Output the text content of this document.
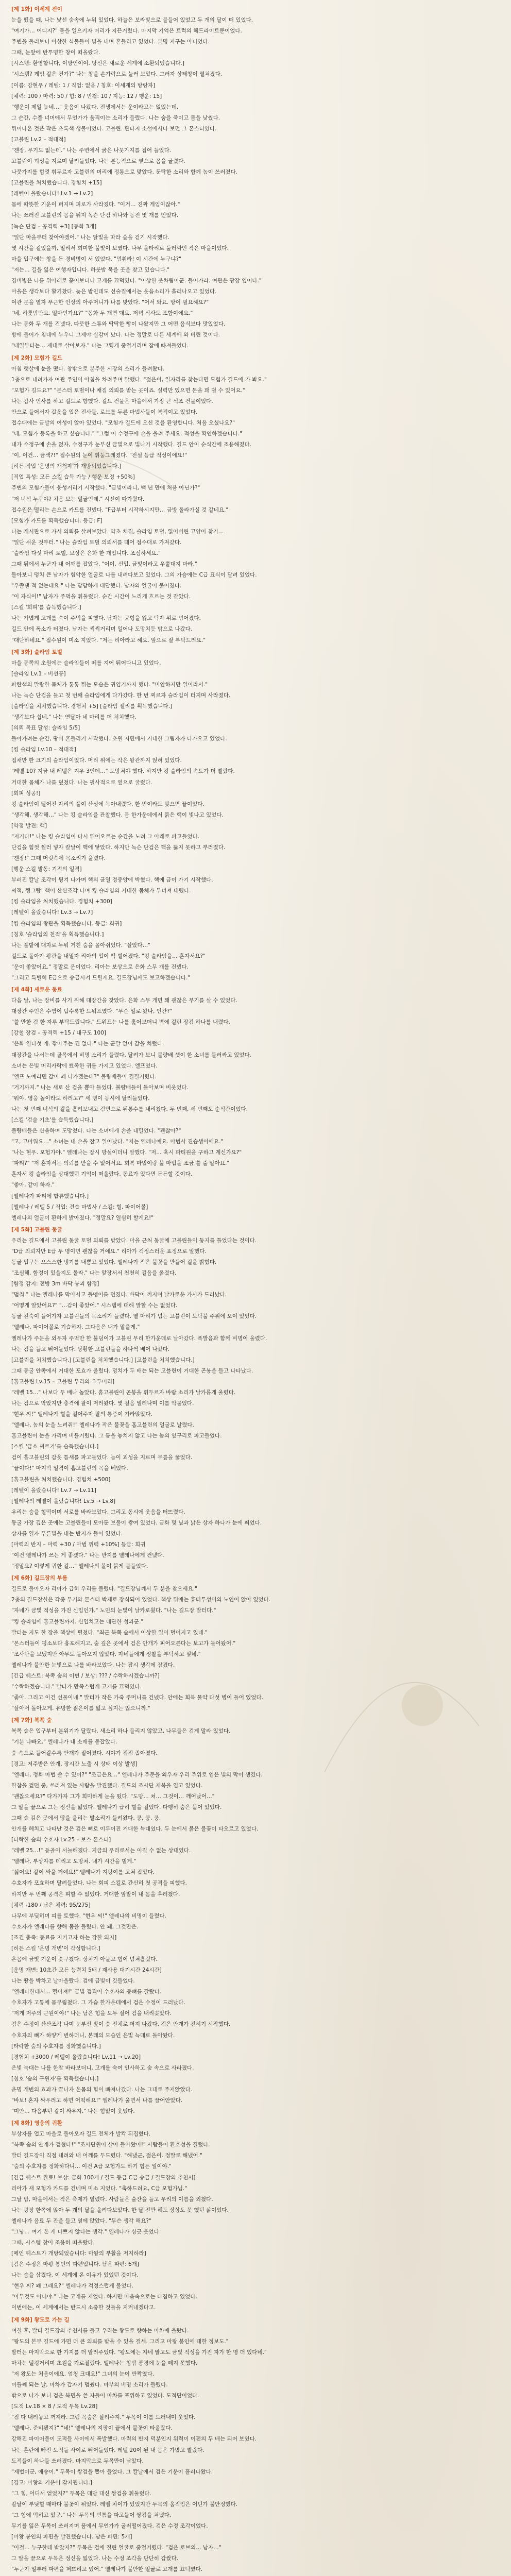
[제 1화] 이세계 전이
눈을 떴을 때, 나는 낯선 숲속에 누워 있었다. 하늘은 보라빛으로 물들어 있었고 두 개의 달이 떠 있었다.
"여기가… 어디지?" 몸을 일으키자 머리가 지끈거렸다. 마지막 기억은 트럭의 헤드라이트뿐이었다.
주변을 둘러보니 이상한 식물들이 빛을 내며 흔들리고 있었다. 분명 지구는 아니었다.
그때, 눈앞에 반투명한 창이 떠올랐다.
[시스템: 환영합니다, 이방인이여. 당신은 새로운 세계에 소환되었습니다.]
"시스템? 게임 같은 건가?" 나는 창을 손가락으로 눌러 보았다. 그러자 상태창이 펼쳐졌다.
[이름: 강현우 / 레벨: 1 / 직업: 없음 / 칭호: 이세계의 방랑자]
[체력: 100 / 마력: 50 / 힘: 8 / 민첩: 10 / 지능: 12 / 행운: 15]
"행운이 제일 높네…" 웃음이 나왔다. 전생에서는 운이라고는 없었는데.
그 순간, 수풀 너머에서 무언가가 움직이는 소리가 들렸다. 나는 숨을 죽이고 몸을 낮췄다.
튀어나온 것은 작은 초록색 생물이었다. 고블린. 판타지 소설에서나 보던 그 몬스터였다.
[고블린 Lv.2 – 적대적]
"젠장, 무기도 없는데." 나는 주변에서 굵은 나뭇가지를 집어 들었다.
고블린이 괴성을 지르며 달려들었다. 나는 본능적으로 옆으로 몸을 굴렸다.
나뭇가지를 힘껏 휘두르자 고블린의 머리에 정통으로 맞았다. 둔탁한 소리와 함께 놈이 쓰러졌다.
[고블린을 처치했습니다. 경험치 +15]
[레벨이 올랐습니다! Lv.1 → Lv.2]
몸에 따뜻한 기운이 퍼지며 피로가 사라졌다. "이거… 진짜 게임이잖아."
나는 쓰러진 고블린의 몸을 뒤져 녹슨 단검 하나와 동전 몇 개를 얻었다.
[녹슨 단검 – 공격력 +3] [동화 3개]
"일단 마을부터 찾아야겠어." 나는 달빛을 따라 숲을 걷기 시작했다.
몇 시간을 걸었을까, 멀리서 희미한 불빛이 보였다. 나무 울타리로 둘러싸인 작은 마을이었다.
마을 입구에는 창을 든 경비병이 서 있었다. "멈춰라! 이 시간에 누구냐?"
"저는… 길을 잃은 여행자입니다. 하룻밤 묵을 곳을 찾고 있습니다."
경비병은 나를 위아래로 훑어보더니 고개를 끄덕였다. "이상한 옷차림이군. 들어가라. 여관은 광장 옆이다."
마을은 생각보다 활기찼다. 늦은 밤인데도 선술집에서는 웃음소리가 흘러나오고 있었다.
여관 문을 열자 푸근한 인상의 아주머니가 나를 맞았다. "어서 와요. 방이 필요해요?"
"네, 하룻밤만요. 얼마인가요?" "동화 두 개면 돼요. 저녁 식사도 포함이에요."
나는 동화 두 개를 건넸다. 따뜻한 스튜와 딱딱한 빵이 나왔지만 그 어떤 음식보다 맛있었다.
방에 들어가 침대에 누우니 그제야 실감이 났다. 나는 정말로 다른 세계에 와 버린 것이다.
"내일부터는… 제대로 살아보자." 나는 그렇게 중얼거리며 잠에 빠져들었다.
[제 2화] 모험가 길드
아침 햇살에 눈을 떴다. 창밖으로 분주한 시장의 소리가 들려왔다.
1층으로 내려가자 여관 주인이 아침을 차려주며 말했다. "젊은이, 일자리를 찾는다면 모험가 길드에 가 봐요."
"모험가 길드요?" "몬스터 토벌이나 채집 의뢰를 받는 곳이죠. 실력만 있으면 돈을 꽤 벌 수 있어요."
나는 감사 인사를 하고 길드로 향했다. 길드 건물은 마을에서 가장 큰 석조 건물이었다.
안으로 들어서자 갑옷을 입은 전사들, 로브를 두른 마법사들이 북적이고 있었다.
접수대에는 금발의 여성이 앉아 있었다. "모험가 길드에 오신 것을 환영합니다. 처음 오셨나요?"
"네, 모험가 등록을 하고 싶습니다." "그럼 이 수정구에 손을 올려 주세요. 적성을 확인하겠습니다."
내가 수정구에 손을 얹자, 수정구가 눈부신 금빛으로 빛나기 시작했다. 길드 안이 순식간에 조용해졌다.
"이, 이건… 금색?!" 접수원의 눈이 휘둥그레졌다. "전설 등급 적성이에요!"
[히든 직업 '운명의 개척자'가 개방되었습니다.]
[직업 특성: 모든 스킬 습득 가능 / 행운 보정 +50%]
주변의 모험가들이 웅성거리기 시작했다. "금빛이라니, 백 년 만에 처음 아닌가?"
"저 녀석 누구야? 처음 보는 얼굴인데." 시선이 따가웠다.
접수원은 떨리는 손으로 카드를 건넸다. "F급부터 시작하시지만… 금방 올라가실 것 같네요."
[모험가 카드를 획득했습니다. 등급: F]
나는 게시판으로 가서 의뢰를 살펴보았다. 약초 채집, 슬라임 토벌, 잃어버린 고양이 찾기…
"일단 쉬운 것부터." 나는 슬라임 토벌 의뢰서를 떼어 접수대로 가져갔다.
"슬라임 다섯 마리 토벌, 보상은 은화 한 개입니다. 조심하세요."
그때 뒤에서 누군가 내 어깨를 잡았다. "어이, 신입. 금빛이라고 우쭐대지 마라."
돌아보니 덩치 큰 남자가 험악한 얼굴로 나를 내려다보고 있었다. 그의 가슴에는 C급 표식이 달려 있었다.
"우쭐댄 적 없는데요." 나는 담담하게 대답했다. 남자의 얼굴이 붉어졌다.
"이 자식이!" 남자가 주먹을 휘둘렀다. 순간 시간이 느리게 흐르는 것 같았다.
[스킬 '회피'를 습득했습니다.]
나는 가볍게 고개를 숙여 주먹을 피했다. 남자는 균형을 잃고 탁자 위로 넘어졌다.
길드 안에 폭소가 터졌다. 남자는 씩씩거리며 일어나 도망치듯 밖으로 나갔다.
"대단하네요." 접수원이 미소 지었다. "저는 리아라고 해요. 앞으로 잘 부탁드려요."
[제 3화] 슬라임 토벌
마을 동쪽의 초원에는 슬라임들이 떼를 지어 뛰어다니고 있었다.
[슬라임 Lv.1 – 비선공]
파란색의 말랑한 몸체가 통통 튀는 모습은 귀엽기까지 했다. "미안하지만 일이라서."
나는 녹슨 단검을 들고 첫 번째 슬라임에게 다가갔다. 한 번 찌르자 슬라임이 터지며 사라졌다.
[슬라임을 처치했습니다. 경험치 +5] [슬라임 젤리를 획득했습니다.]
"생각보다 쉽네." 나는 연달아 네 마리를 더 처치했다.
[의뢰 목표 달성: 슬라임 5/5]
돌아가려는 순간, 땅이 흔들리기 시작했다. 초원 저편에서 거대한 그림자가 다가오고 있었다.
[킹 슬라임 Lv.10 – 적대적]
집채만 한 크기의 슬라임이었다. 머리 위에는 작은 왕관까지 얹혀 있었다.
"레벨 10? 지금 내 레벨은 겨우 3인데…" 도망쳐야 했다. 하지만 킹 슬라임의 속도가 더 빨랐다.
거대한 몸체가 나를 덮쳤다. 나는 필사적으로 옆으로 굴렀다.
[회피 성공!]
킹 슬라임이 떨어진 자리의 풀이 산성에 녹아내렸다. 한 번이라도 맞으면 끝이었다.
"생각해, 생각해…" 나는 킹 슬라임을 관찰했다. 몸 한가운데에서 붉은 핵이 빛나고 있었다.
[약점 발견: 핵]
"저기다!" 나는 킹 슬라임이 다시 뛰어오르는 순간을 노려 그 아래로 파고들었다.
단검을 힘껏 찔러 넣자 칼날이 핵에 닿았다. 하지만 녹슨 단검은 핵을 뚫지 못하고 부러졌다.
"젠장!" 그때 머릿속에 목소리가 울렸다.
[행운 스킬 발동: 기적의 일격]
부러진 칼날 조각이 튕겨 나가며 핵의 균열 정중앙에 박혔다. 핵에 금이 가기 시작했다.
쩌적, 쨍그랑! 핵이 산산조각 나며 킹 슬라임의 거대한 몸체가 무너져 내렸다.
[킹 슬라임을 처치했습니다. 경험치 +300]
[레벨이 올랐습니다! Lv.3 → Lv.7]
[킹 슬라임의 왕관을 획득했습니다. 등급: 희귀]
[칭호 '슬라임의 천적'을 획득했습니다.]
나는 풀밭에 대자로 누워 거친 숨을 몰아쉬었다. "살았다…"
길드로 돌아가 왕관을 내밀자 리아의 입이 떡 벌어졌다. "킹 슬라임을… 혼자서요?"
"운이 좋았어요." 정말로 운이었다. 리아는 보상으로 은화 스무 개를 건넸다.
"그리고 특별히 E급으로 승급시켜 드릴게요. 길드장님께도 보고하겠습니다."
[제 4화] 새로운 동료
다음 날, 나는 장비를 사기 위해 대장간을 찾았다. 은화 스무 개면 꽤 괜찮은 무기를 살 수 있었다.
대장간 주인은 수염이 덥수룩한 드워프였다. "무슨 일로 왔나, 인간?"
"쓸 만한 검 한 자루 부탁드립니다." 드워프는 나를 훑어보더니 벽에 걸린 장검 하나를 내렸다.
[강철 장검 – 공격력 +15 / 내구도 100]
"은화 열다섯 개. 깎아주는 건 없다." 나는 군말 없이 값을 치렀다.
대장간을 나서는데 골목에서 비명 소리가 들렸다. 달려가 보니 불량배 셋이 한 소녀를 둘러싸고 있었다.
소녀는 은빛 머리카락에 뾰족한 귀를 가지고 있었다. 엘프였다.
"엘프 노예라면 값이 꽤 나가겠는데?" 불량배들이 낄낄거렸다.
"거기까지." 나는 새로 산 검을 뽑아 들었다. 불량배들이 돌아보며 비웃었다.
"뭐야, 영웅 놀이라도 하려고?" 세 명이 동시에 달려들었다.
나는 첫 번째 녀석의 칼을 흘려보내고 검면으로 뒤통수를 내리쳤다. 두 번째, 세 번째도 순식간이었다.
[스킬 '검술 기초'를 습득했습니다.]
불량배들은 신음하며 도망쳤다. 나는 소녀에게 손을 내밀었다. "괜찮아?"
"고, 고마워요…" 소녀는 내 손을 잡고 일어났다. "저는 엘레나예요. 마법사 견습생이에요."
"나는 현우. 모험가야." 엘레나는 잠시 망설이더니 말했다. "저… 혹시 파티원을 구하고 계신가요?"
"파티?" "저 혼자서는 의뢰를 받을 수 없어서요. 회복 마법이랑 불 마법을 조금 쓸 줄 알아요."
혼자서 킹 슬라임을 상대했던 기억이 떠올랐다. 동료가 있다면 든든할 것이다.
"좋아, 같이 하자."
[엘레나가 파티에 합류했습니다.]
[엘레나 / 레벨 5 / 직업: 견습 마법사 / 스킬: 힐, 파이어볼]
엘레나의 얼굴이 환하게 밝아졌다. "정말요? 열심히 할게요!"
[제 5화] 고블린 동굴
우리는 길드에서 고블린 동굴 토벌 의뢰를 받았다. 마을 근처 동굴에 고블린들이 둥지를 틀었다는 것이다.
"D급 의뢰지만 E급 두 명이면 괜찮을 거예요." 리아가 걱정스러운 표정으로 말했다.
동굴 입구는 으스스한 냉기를 내뿜고 있었다. 엘레나가 작은 불꽃을 만들어 길을 밝혔다.
"조심해. 함정이 있을지도 몰라." 나는 앞장서서 천천히 걸음을 옮겼다.
[함정 감지: 전방 3m 바닥 붕괴 함정]
"멈춰." 나는 엘레나를 막아서고 돌멩이를 던졌다. 바닥이 꺼지며 날카로운 가시가 드러났다.
"어떻게 알았어요?" "…감이 좋았어." 시스템에 대해 말할 수는 없었다.
동굴 깊숙이 들어가자 고블린들의 목소리가 들렸다. 열 마리가 넘는 고블린이 모닥불 주위에 모여 있었다.
"엘레나, 파이어볼로 기습하자. 그다음은 내가 맡을게."
엘레나가 주문을 외우자 주먹만 한 불덩이가 고블린 무리 한가운데로 날아갔다. 폭발음과 함께 비명이 울렸다.
나는 검을 들고 뛰어들었다. 당황한 고블린들을 하나씩 베어 나갔다.
[고블린을 처치했습니다.] [고블린을 처치했습니다.] [고블린을 처치했습니다.]
그때 동굴 안쪽에서 거대한 포효가 울렸다. 덩치가 두 배는 되는 고블린이 거대한 곤봉을 들고 나타났다.
[홉고블린 Lv.15 – 고블린 무리의 우두머리]
"레벨 15…" 나보다 두 배나 높았다. 홉고블린이 곤봉을 휘두르자 바람 소리가 날카롭게 울렸다.
나는 검으로 막았지만 충격에 팔이 저려왔다. 몇 걸음 밀려나며 이를 악물었다.
"현우 씨!" 엘레나가 힐을 걸어주자 팔의 통증이 가라앉았다.
"엘레나, 놈의 눈을 노려줘!" 엘레나가 작은 불꽃을 홉고블린의 얼굴로 날렸다.
홉고블린이 눈을 가리며 비틀거렸다. 그 틈을 놓치지 않고 나는 놈의 옆구리로 파고들었다.
[스킬 '급소 찌르기'를 습득했습니다.]
검이 홉고블린의 갑옷 틈새를 파고들었다. 놈이 괴성을 지르며 무릎을 꿇었다.
"끝이다!" 마지막 일격이 홉고블린의 목을 베었다.
[홉고블린을 처치했습니다. 경험치 +500]
[레벨이 올랐습니다! Lv.7 → Lv.11]
[엘레나의 레벨이 올랐습니다! Lv.5 → Lv.8]
우리는 숨을 헐떡이며 서로를 바라보았다. 그리고 동시에 웃음을 터뜨렸다.
동굴 가장 깊은 곳에는 고블린들이 모아둔 보물이 쌓여 있었다. 금화 몇 닢과 낡은 상자 하나가 눈에 띄었다.
상자를 열자 푸른빛을 내는 반지가 들어 있었다.
[마력의 반지 – 마력 +30 / 마법 위력 +10%] 등급: 희귀
"이건 엘레나가 쓰는 게 좋겠다." 나는 반지를 엘레나에게 건넸다.
"정말요? 이렇게 귀한 걸…" 엘레나의 볼이 붉게 물들었다.
[제 6화] 길드장의 부름
길드로 돌아오자 리아가 급히 우리를 불렀다. "길드장님께서 두 분을 찾으세요."
2층의 길드장실은 각종 무기와 몬스터 박제로 장식되어 있었다. 책상 뒤에는 흉터투성이의 노인이 앉아 있었다.
"자네가 금빛 적성을 가진 신입인가." 노인의 눈빛이 날카로웠다. "나는 길드장 발터다."
"킹 슬라임에 홉고블린까지. 신입치고는 대단한 성과군."
발터는 지도 한 장을 책상에 펼쳤다. "최근 북쪽 숲에서 이상한 일이 벌어지고 있네."
"몬스터들이 평소보다 흉포해지고, 숲 깊은 곳에서 검은 안개가 피어오른다는 보고가 들어왔어."
"조사단을 보냈지만 아무도 돌아오지 않았다. 자네들에게 정찰을 부탁하고 싶네."
엘레나가 불안한 눈빛으로 나를 바라보았다. 나는 잠시 생각에 잠겼다.
[긴급 퀘스트: 북쪽 숲의 이변 / 보상: ??? / 수락하시겠습니까?]
"수락하겠습니다." 발터가 만족스럽게 고개를 끄덕였다.
"좋아. 그리고 이건 선물이네." 발터가 작은 가죽 주머니를 건넸다. 안에는 회복 물약 다섯 병이 들어 있었다.
"살아서 돌아오게. 유망한 젊은이를 잃고 싶지는 않으니까."
[제 7화] 북쪽 숲
북쪽 숲은 입구부터 분위기가 달랐다. 새소리 하나 들리지 않았고, 나무들은 검게 말라 있었다.
"기분 나빠요." 엘레나가 내 소매를 붙잡았다.
숲 속으로 들어갈수록 안개가 짙어졌다. 시야가 점점 좁아졌다.
[경고: 저주받은 안개. 장시간 노출 시 상태 이상 발생]
"엘레나, 정화 마법 쓸 수 있어?" "조금은요…" 엘레나가 주문을 외우자 우리 주위로 옅은 빛의 막이 생겼다.
한참을 걷던 중, 쓰러져 있는 사람을 발견했다. 길드의 조사단 제복을 입고 있었다.
"괜찮으세요?" 다가가자 그가 희미하게 눈을 떴다. "도망… 쳐… 그것이… 깨어났어…"
그 말을 끝으로 그는 정신을 잃었다. 엘레나가 급히 힐을 걸었다. 다행히 숨은 붙어 있었다.
그때 숲 깊은 곳에서 땅을 울리는 발소리가 들려왔다. 쿵, 쿵, 쿵.
안개를 헤치고 나타난 것은 검은 뼈로 이루어진 거대한 늑대였다. 두 눈에서 붉은 불꽃이 타오르고 있었다.
[타락한 숲의 수호자 Lv.25 – 보스 몬스터]
"레벨 25…!" 등골이 서늘해졌다. 지금의 우리로서는 이길 수 없는 상대였다.
"엘레나, 부상자를 데리고 도망쳐. 내가 시간을 벌게."
"싫어요! 같이 싸울 거예요!" 엘레나가 지팡이를 고쳐 잡았다.
수호자가 포효하며 달려들었다. 나는 회피 스킬로 간신히 첫 공격을 피했다.
하지만 두 번째 공격은 피할 수 없었다. 거대한 앞발이 내 몸을 후려쳤다.
[체력 -180 / 남은 체력: 95/275]
나무에 부딪히며 피를 토했다. "현우 씨!" 엘레나의 비명이 들렸다.
수호자가 엘레나를 향해 몸을 돌렸다. 안 돼, 그것만은.
[조건 충족: 동료를 지키고자 하는 강한 의지]
[히든 스킬 '운명 개변'이 각성합니다.]
온몸에 금빛 기운이 솟구쳤다. 상처가 아물고 힘이 넘쳐흘렀다.
[운명 개변: 10초간 모든 능력치 5배 / 재사용 대기시간 24시간]
나는 땅을 박차고 날아올랐다. 검에 금빛이 깃들었다.
"엘레나한테서… 떨어져!" 금빛 검격이 수호자의 등뼈를 갈랐다.
수호자가 고통에 몸부림쳤다. 그 가슴 한가운데에서 검은 수정이 드러났다.
"저게 저주의 근원이야!" 나는 남은 힘을 모두 실어 검을 내리꽂았다.
검은 수정이 산산조각 나며 눈부신 빛이 숲 전체로 퍼져 나갔다. 검은 안개가 걷히기 시작했다.
수호자의 뼈가 하얗게 변하더니, 본래의 모습인 은빛 늑대로 돌아왔다.
[타락한 숲의 수호자를 정화했습니다.]
[경험치 +3000 / 레벨이 올랐습니다! Lv.11 → Lv.20]
은빛 늑대는 나를 한참 바라보더니, 고개를 숙여 인사하고 숲 속으로 사라졌다.
[칭호 '숲의 구원자'를 획득했습니다.]
운명 개변의 효과가 끝나자 온몸의 힘이 빠져나갔다. 나는 그대로 주저앉았다.
"바보! 혼자 싸우려고 하면 어떡해요!" 엘레나가 울면서 나를 끌어안았다.
"미안… 다음부턴 같이 싸우자." 나는 힘없이 웃었다.
[제 8화] 영웅의 귀환
부상자를 업고 마을로 돌아오자 길드 전체가 발칵 뒤집혔다.
"북쪽 숲의 안개가 걷혔다!" "조사단원이 살아 돌아왔어!" 사람들이 환호성을 질렀다.
발터 길드장이 직접 내려와 내 어깨를 두드렸다. "해냈군, 젊은이. 정말로 해냈어."
"숲의 수호자를 정화하다니… 이건 A급 모험가도 하기 힘든 일이야."
[긴급 퀘스트 완료! 보상: 금화 100개 / 길드 등급 C급 승급 / 길드장의 추천서]
리아가 새 모험가 카드를 건네며 미소 지었다. "축하드려요, C급 모험가님."
그날 밤, 마을에서는 작은 축제가 열렸다. 사람들은 술잔을 들고 우리의 이름을 외쳤다.
나는 광장 한쪽에 앉아 두 개의 달을 올려다보았다. 한 달 전만 해도 상상도 못 했던 삶이었다.
엘레나가 음료 두 잔을 들고 옆에 앉았다. "무슨 생각 해요?"
"그냥… 여기 온 게 나쁘지 않다는 생각." 엘레나가 싱긋 웃었다.
그때, 시스템 창이 조용히 떠올랐다.
[메인 퀘스트가 개방되었습니다: 마왕의 부활을 저지하라]
[검은 수정은 마왕 봉인의 파편입니다. 남은 파편: 6개]
나는 숨을 삼켰다. 이 세계에 온 이유가 있었던 것이다.
"현우 씨? 왜 그래요?" 엘레나가 걱정스럽게 물었다.
"아무것도 아니야." 나는 고개를 저었다. 하지만 마음속으로는 다짐하고 있었다.
이번에는, 이 세계에서는 반드시 소중한 것들을 지켜내겠다고.
[제 9화] 왕도로 가는 길
며칠 후, 발터 길드장의 추천서를 들고 우리는 왕도로 향하는 마차에 올랐다.
"왕도의 본부 길드에 가면 더 큰 의뢰를 받을 수 있을 걸세. 그리고 마왕 봉인에 대한 정보도."
발터는 마지막으로 한 가지를 더 알려주었다. "왕도에는 자네 말고도 금빛 적성을 가진 자가 한 명 더 있다네."
마차는 덜컹거리며 초원을 가로질렀다. 엘레나는 창밖 풍경에 눈을 떼지 못했다.
"저 왕도는 처음이에요. 엄청 크대요!" 그녀의 눈이 반짝였다.
이틀째 되는 날, 마차가 갑자기 멈췄다. 마부의 비명 소리가 들렸다.
밖으로 나가 보니 검은 복면을 쓴 자들이 마차를 포위하고 있었다. 도적단이었다.
[도적 Lv.18 × 8 / 도적 두목 Lv.28]
"짐 다 내려놓고 꺼져라. 그럼 목숨은 살려주지." 두목이 이를 드러내며 웃었다.
"엘레나, 준비됐지?" "네!" 엘레나의 지팡이 끝에서 불꽃이 타올랐다.
강해진 파이어볼이 도적들 사이에서 폭발했다. 마력의 반지 덕분인지 위력이 이전의 두 배는 되어 보였다.
나는 혼란에 빠진 도적들 사이로 뛰어들었다. 레벨 20이 된 내 몸은 가볍고 빨랐다.
도적들이 하나둘 쓰러졌다. 마지막으로 두목만이 남았다.
"제법이군, 애송이." 두목이 쌍검을 뽑아 들었다. 그 칼날에서 검은 기운이 흘러나왔다.
[경고: 마왕의 기운이 감지됩니다.]
"그 힘, 어디서 얻었지?" 두목은 대답 대신 쌍검을 휘둘렀다.
칼날이 부딪힐 때마다 불꽃이 튀었다. 레벨 차이가 있었지만 두목의 움직임은 어딘가 불안정했다.
"그 힘에 먹히고 있군." 나는 두목의 빈틈을 파고들어 쌍검을 쳐냈다.
무기를 잃은 두목이 쓰러지며 품에서 무언가가 굴러떨어졌다. 검은 수정 조각이었다.
[마왕 봉인의 파편을 발견했습니다. 남은 파편: 5개]
"이걸… 누구한테 받았지?" 두목은 겁에 질린 얼굴로 중얼거렸다. "검은 로브의… 남자…"
그 말을 끝으로 두목은 정신을 잃었다. 나는 수정 조각을 단단히 감쌌다.
"누군가 일부러 파편을 퍼뜨리고 있어." 엘레나가 불안한 얼굴로 고개를 끄덕였다.
